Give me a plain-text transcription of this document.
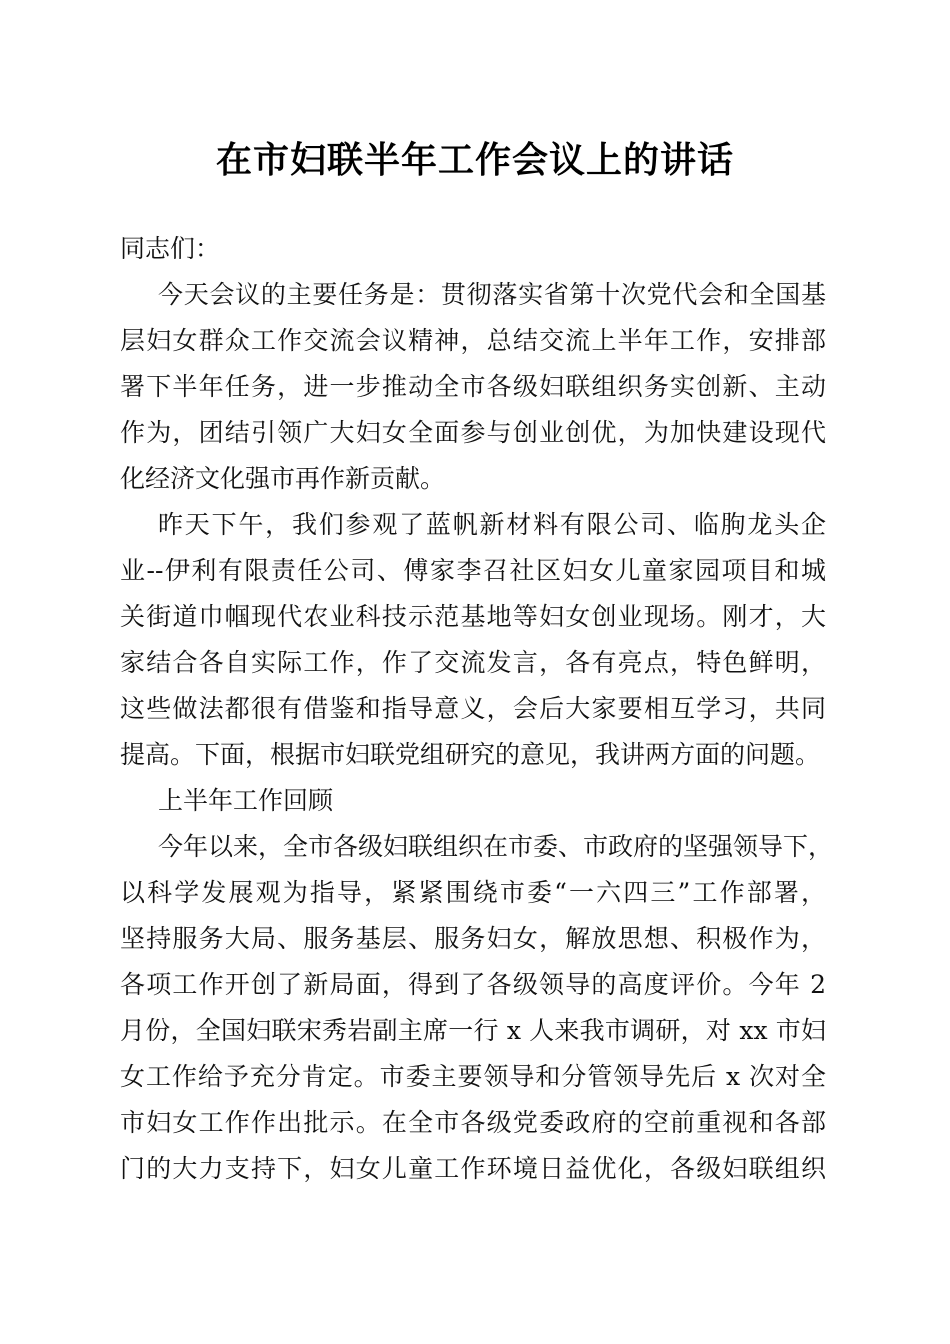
在市妇联半年工作会议上的讲话
同志们：
今天会议的主要任务是：贯彻落实省第十次党代会和全国基
层妇女群众工作交流会议精神，总结交流上半年工作，安排部
署下半年任务，进一步推动全市各级妇联组织务实创新、主动
作为，团结引领广大妇女全面参与创业创优，为加快建设现代
化经济文化强市再作新贡献。
昨天下午，我们参观了蓝帆新材料有限公司、临朐龙头企
业--伊利有限责任公司、傅家李召社区妇女儿童家园项目和城
关街道巾帼现代农业科技示范基地等妇女创业现场。刚才，大
家结合各自实际工作，作了交流发言，各有亮点，特色鲜明，
这些做法都很有借鉴和指导意义，会后大家要相互学习，共同
提高。下面，根据市妇联党组研究的意见，我讲两方面的问题。
上半年工作回顾
今年以来，全市各级妇联组织在市委、市政府的坚强领导下，
以科学发展观为指导，紧紧围绕市委“一六四三”工作部署，
坚持服务大局、服务基层、服务妇女，解放思想、积极作为，
各项工作开创了新局面，得到了各级领导的高度评价。今年 2
月份，全国妇联宋秀岩副主席一行 x 人来我市调研，对 xx 市妇
女工作给予充分肯定。市委主要领导和分管领导先后 x 次对全
市妇女工作作出批示。在全市各级党委政府的空前重视和各部
门的大力支持下，妇女儿童工作环境日益优化，各级妇联组织
